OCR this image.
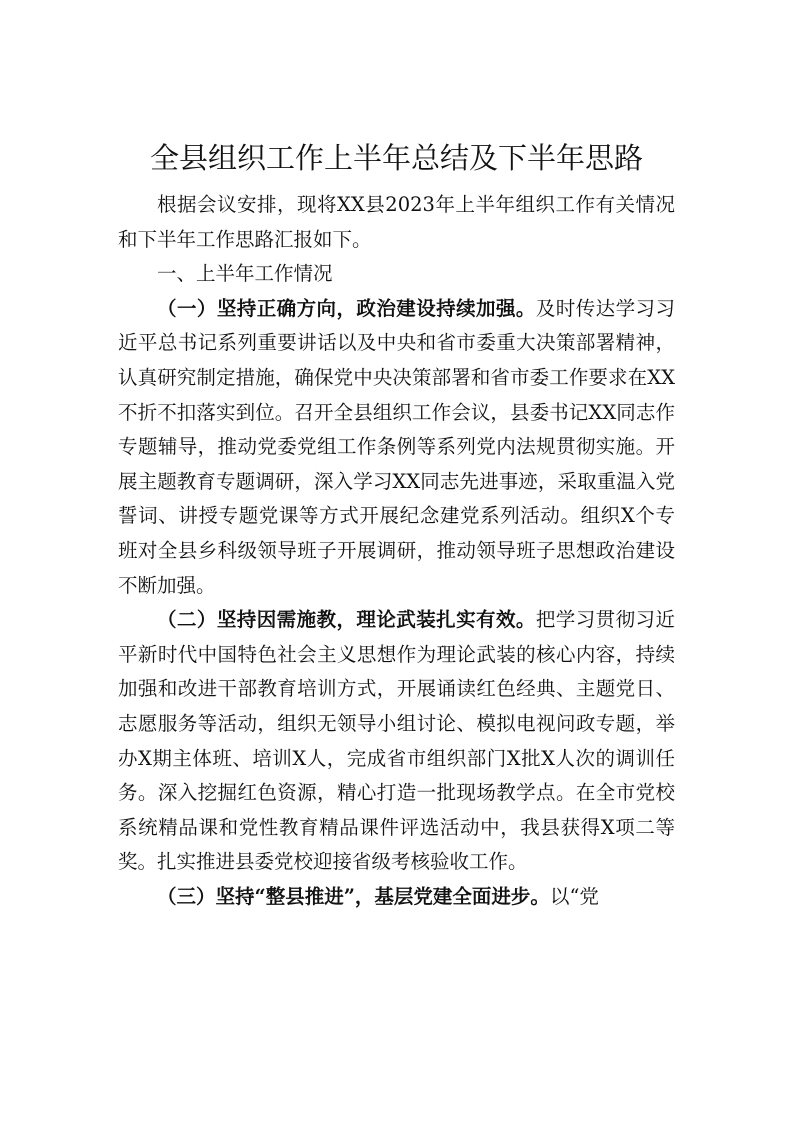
全县组织工作上半年总结及下半年思路

根据会议安排，现将XX县2023年上半年组织工作有关情况和下半年工作思路汇报如下。

一、上半年工作情况

（一）坚持正确方向，政治建设持续加强。及时传达学习习近平总书记系列重要讲话以及中央和省市委重大决策部署精神，认真研究制定措施，确保党中央决策部署和省市委工作要求在XX不折不扣落实到位。召开全县组织工作会议，县委书记XX同志作专题辅导，推动党委党组工作条例等系列党内法规贯彻实施。开展主题教育专题调研，深入学习XX同志先进事迹，采取重温入党誓词、讲授专题党课等方式开展纪念建党系列活动。组织X个专班对全县乡科级领导班子开展调研，推动领导班子思想政治建设不断加强。

（二）坚持因需施教，理论武装扎实有效。把学习贯彻习近平新时代中国特色社会主义思想作为理论武装的核心内容，持续加强和改进干部教育培训方式，开展诵读红色经典、主题党日、志愿服务等活动，组织无领导小组讨论、模拟电视问政专题，举办X期主体班、培训X人，完成省市组织部门X批X人次的调训任务。深入挖掘红色资源，精心打造一批现场教学点。在全市党校系统精品课和党性教育精品课件评选活动中，我县获得X项二等奖。扎实推进县委党校迎接省级考核验收工作。

（三）坚持“整县推进”，基层党建全面进步。以“党
